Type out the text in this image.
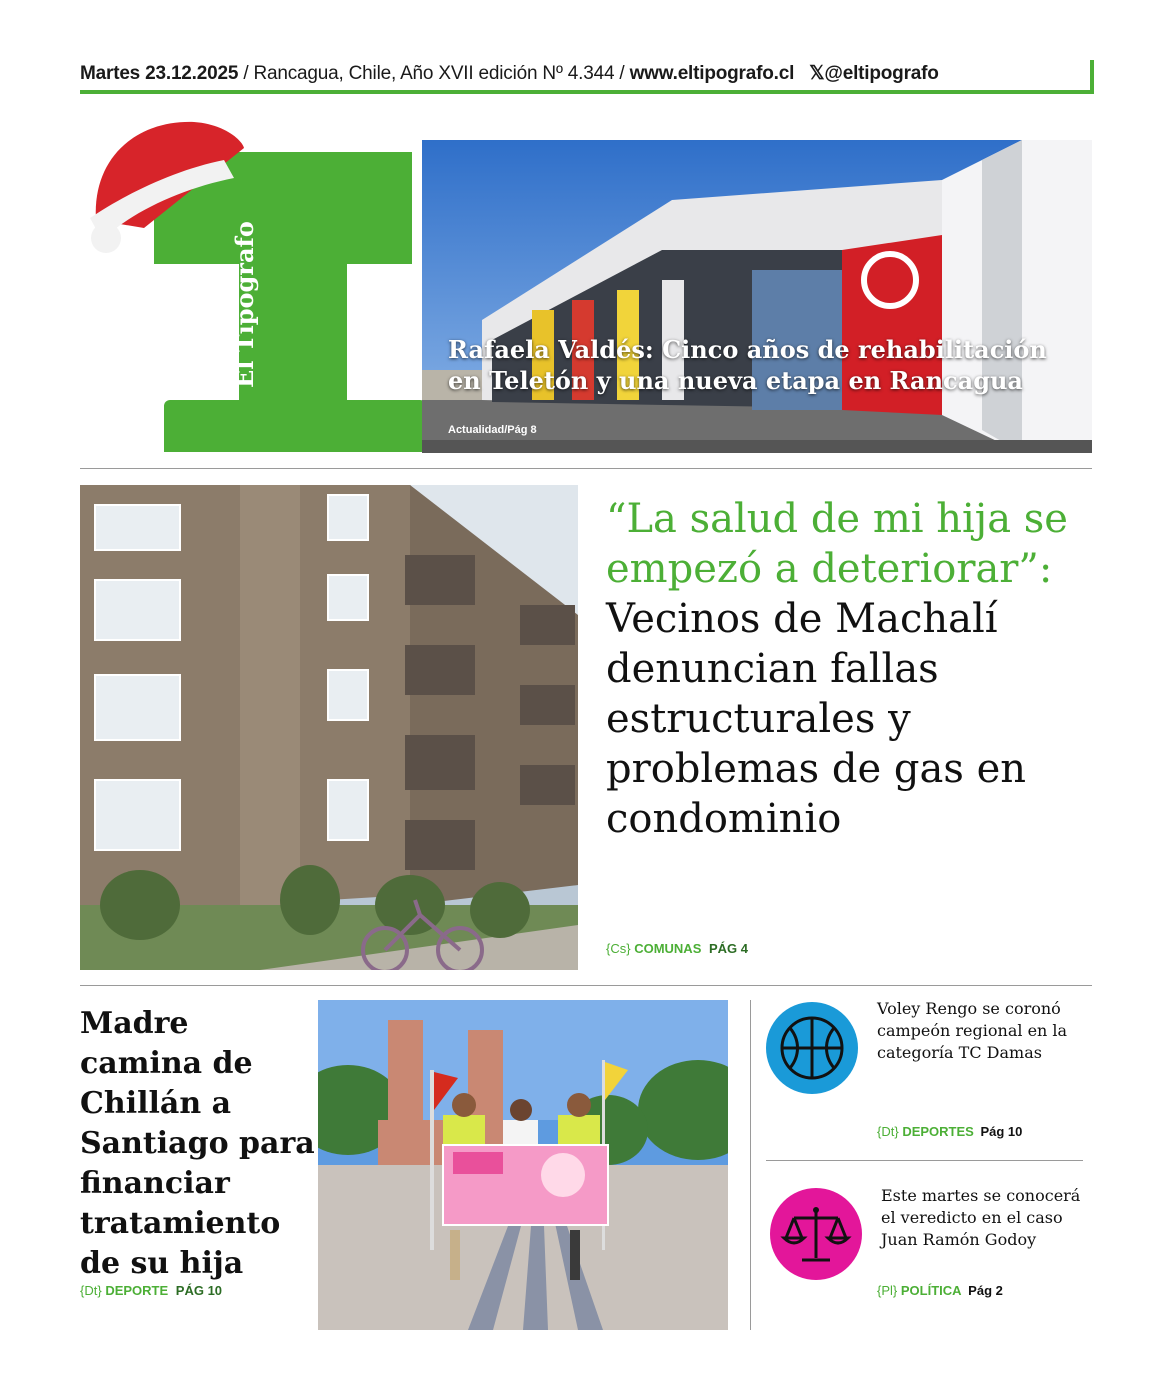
Martes 23.12.2025 / Rancagua, Chile, Año XVII edición Nº 4.344 / www.eltipografo.cl 𝕏@eltipografo
El Tipógrafo	Rafaela Valdés: Cinco años de rehabilitación en Teletón y una nueva etapa en Rancagua
Actualidad/Pág 8
“La salud de mi hija se empezó a deteriorar”: Vecinos de Machalí denuncian fallas estructurales y problemas de gas en condominio
{Cs} COMUNAS PÁG 4
Madre camina de Chillán a Santiago para financiar tratamiento de su hija
{Dt} DEPORTE PÁG 10
Voley Rengo se coronó campeón regional en la categoría TC Damas
{Dt} DEPORTES Pág 10
Este martes se conocerá el veredicto en el caso Juan Ramón Godoy
{Pl} POLÍTICA Pág 2
